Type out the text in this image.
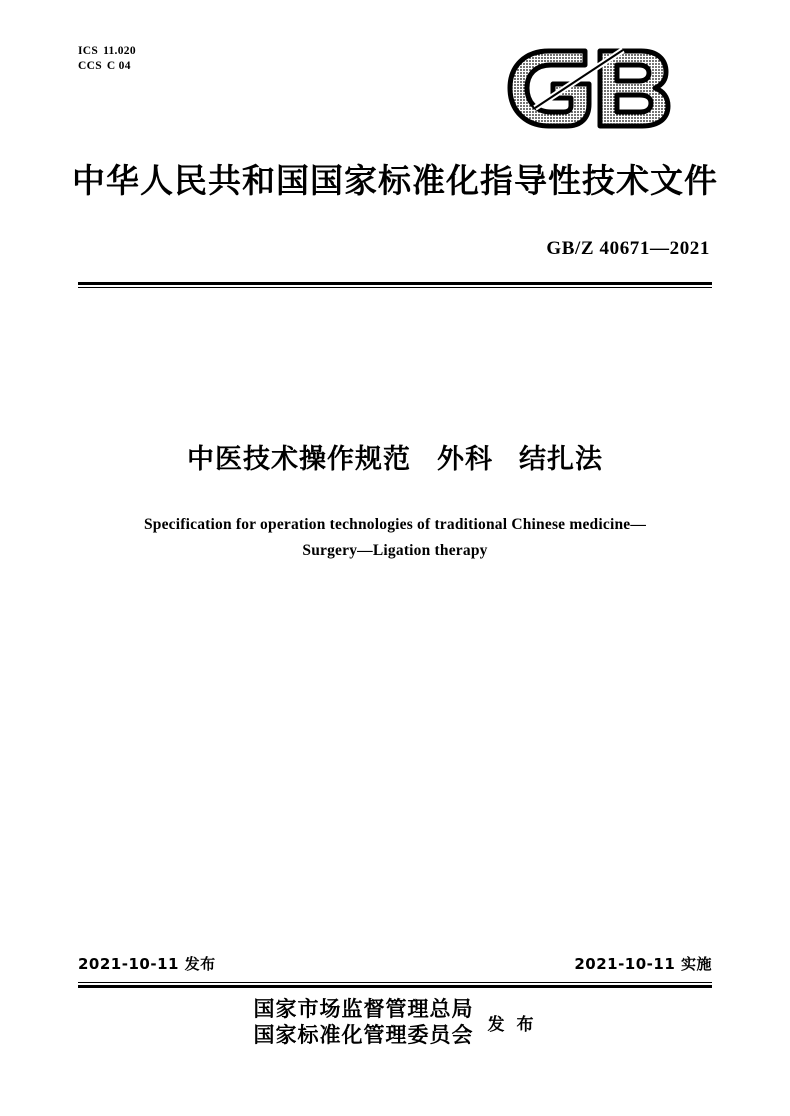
ICS 11.020
CCS C 04
中华人民共和国国家标准化指导性技术文件
GB/Z 40671—2021
中医技术操作规范 外科 结扎法
Specification for operation technologies of traditional Chinese medicine—
Surgery—Ligation therapy
2021-10-11 发布	2021-10-11 实施
国家市场监督管理总局
国家标准化管理委员会 发 布
